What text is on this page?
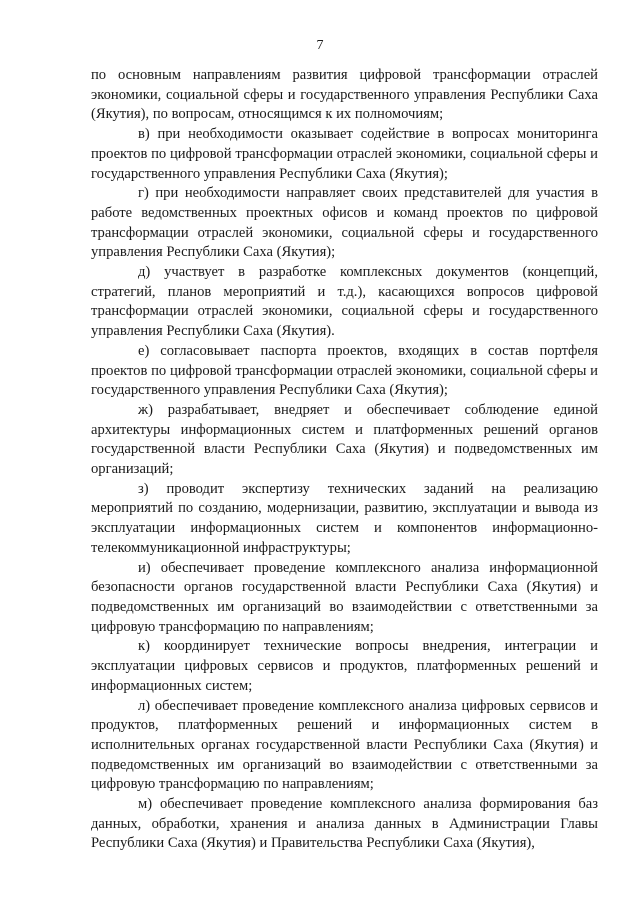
7

по основным направлениям развития цифровой трансформации отраслей экономики, социальной сферы и государственного управления Республики Саха (Якутия), по вопросам, относящимся к их полномочиям;

в) при необходимости оказывает содействие в вопросах мониторинга проектов по цифровой трансформации отраслей экономики, социальной сферы и государственного управления Республики Саха (Якутия);

г) при необходимости направляет своих представителей для участия в работе ведомственных проектных офисов и команд проектов по цифровой трансформации отраслей экономики, социальной сферы и государственного управления Республики Саха (Якутия);

д) участвует в разработке комплексных документов (концепций, стратегий, планов мероприятий и т.д.), касающихся вопросов цифровой трансформации отраслей экономики, социальной сферы и государственного управления Республики Саха (Якутия).

е) согласовывает паспорта проектов, входящих в состав портфеля проектов по цифровой трансформации отраслей экономики, социальной сферы и государственного управления Республики Саха (Якутия);

ж) разрабатывает, внедряет и обеспечивает соблюдение единой архитектуры информационных систем и платформенных решений органов государственной власти Республики Саха (Якутия) и подведомственных им организаций;

з) проводит экспертизу технических заданий на реализацию мероприятий по созданию, модернизации, развитию, эксплуатации и вывода из эксплуатации информационных систем и компонентов информационно-телекоммуникационной инфраструктуры;

и) обеспечивает проведение комплексного анализа информационной безопасности органов государственной власти Республики Саха (Якутия) и подведомственных им организаций во взаимодействии с ответственными за цифровую трансформацию по направлениям;

к) координирует технические вопросы внедрения, интеграции и эксплуатации цифровых сервисов и продуктов, платформенных решений и информационных систем;

л) обеспечивает проведение комплексного анализа цифровых сервисов и продуктов, платформенных решений и информационных систем в исполнительных органах государственной власти Республики Саха (Якутия) и подведомственных им организаций во взаимодействии с ответственными за цифровую трансформацию по направлениям;

м) обеспечивает проведение комплексного анализа формирования баз данных, обработки, хранения и анализа данных в Администрации Главы Республики Саха (Якутия) и Правительства Республики Саха (Якутия),
